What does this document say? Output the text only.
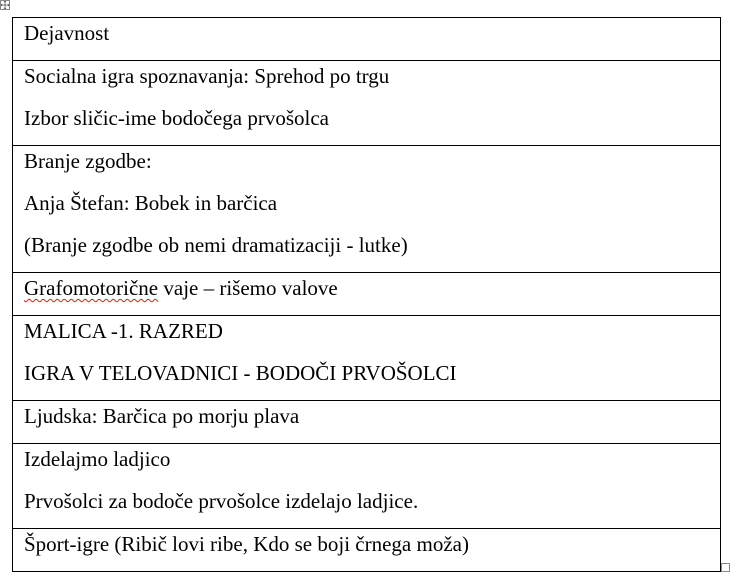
Dejavnost

Socialna igra spoznavanja: Sprehod po trgu
Izbor sličic-ime bodočega prvošolca

Branje zgodbe:
Anja Štefan: Bobek in barčica
(Branje zgodbe ob nemi dramatizaciji - lutke)

Grafomotorične vaje – rišemo valove

MALICA -1. RAZRED
IGRA V TELOVADNICI - BODOČI PRVOŠOLCI

Ljudska: Barčica po morju plava

Izdelajmo ladjico
Prvošolci za bodoče prvošolce izdelajo ladjice.

Šport-igre (Ribič lovi ribe, Kdo se boji črnega moža)
